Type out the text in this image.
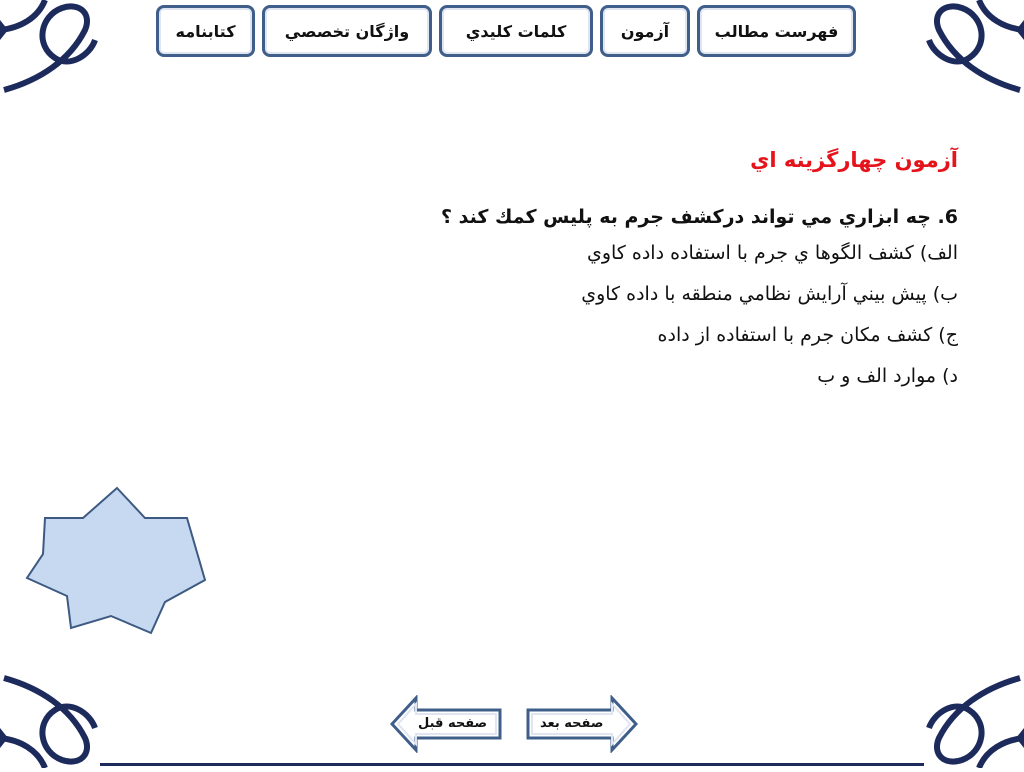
كتابنامه	واژگان تخصصي	كلمات كليدي	آزمون	فهرست مطالب
آزمون چهارگزينه اي
6. چه ابزاري مي تواند دركشف جرم به پليس كمك كند ؟
الف) كشف الگوها ي جرم با استفاده داده كاوي
ب) پيش بيني آرايش نظامي منطقه با داده كاوي
ج) كشف مكان جرم با استفاده از داده
د) موارد الف و ب
صفحه قبل	صفحه بعد
